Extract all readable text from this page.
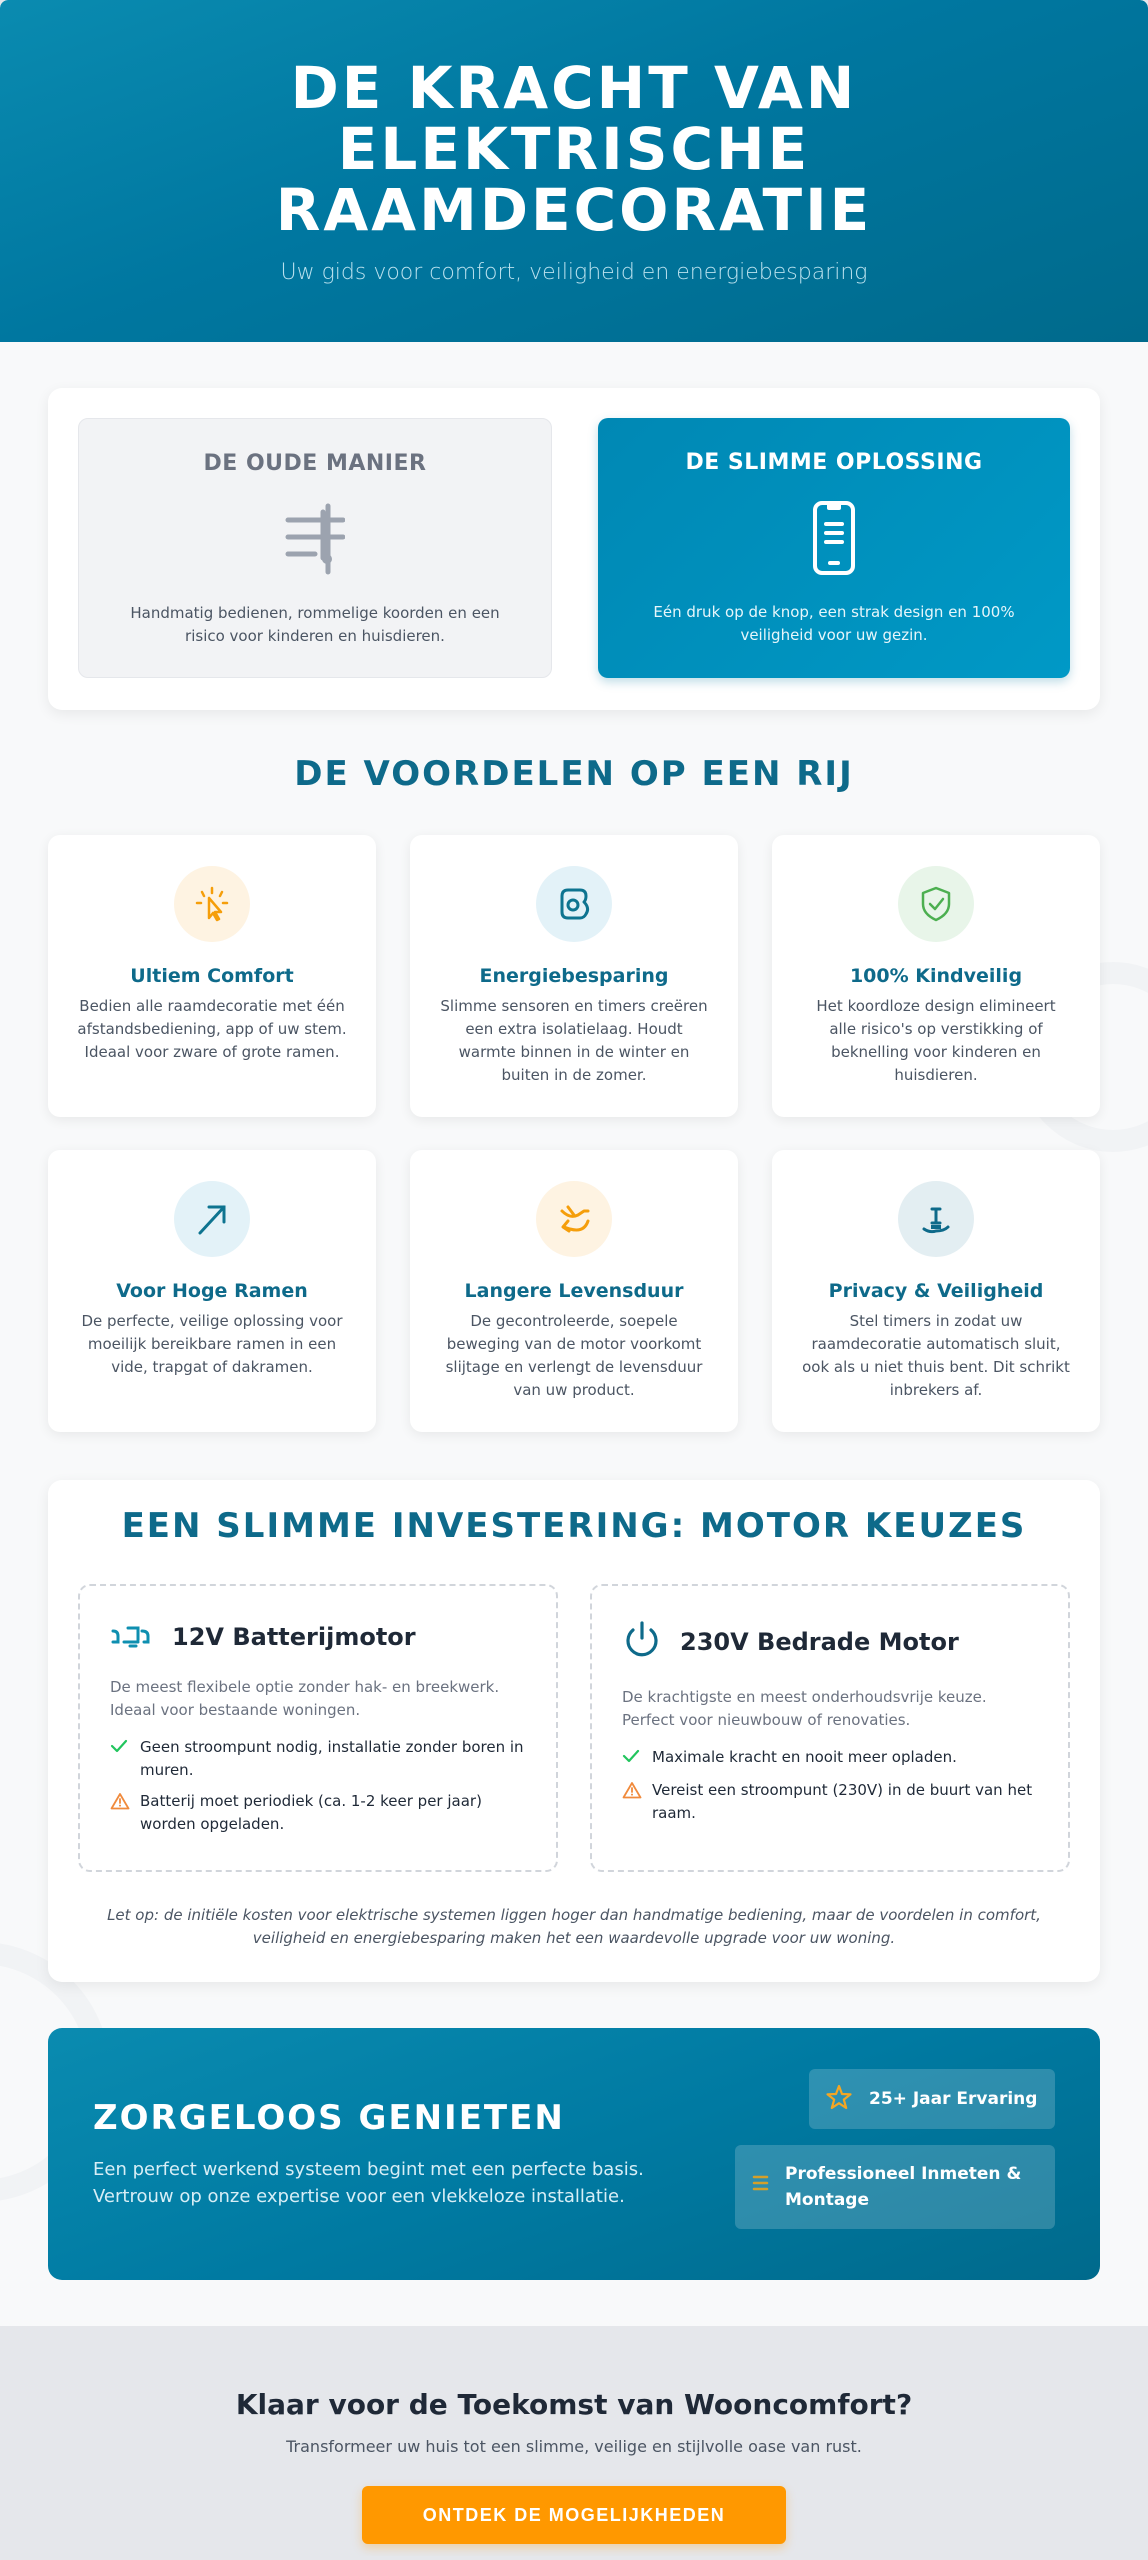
DE KRACHT VAN ELEKTRISCHE RAAMDECORATIE

Uw gids voor comfort, veiligheid en energiebesparing

DE OUDE MANIER

Handmatig bedienen, rommelige koorden en een risico voor kinderen en huisdieren.

DE SLIMME OPLOSSING

Eén druk op de knop, een strak design en 100% veiligheid voor uw gezin.

DE VOORDELEN OP EEN RIJ
Ultiem Comfort

Bedien alle raamdecoratie met één afstandsbediening, app of uw stem. Ideaal voor zware of grote ramen.

Energiebesparing

Slimme sensoren en timers creëren een extra isolatielaag. Houdt warmte binnen in de winter en buiten in de zomer.

100% Kindveilig

Het koordloze design elimineert alle risico's op verstikking of beknelling voor kinderen en huisdieren.

Voor Hoge Ramen

De perfecte, veilige oplossing voor moeilijk bereikbare ramen in een vide, trapgat of dakramen.

Langere Levensduur

De gecontroleerde, soepele beweging van de motor voorkomt slijtage en verlengt de levensduur van uw product.

Privacy & Veiligheid

Stel timers in zodat uw raamdecoratie automatisch sluit, ook als u niet thuis bent. Dit schrikt inbrekers af.

EEN SLIMME INVESTERING: MOTOR KEUZES
12V Batterijmotor

De meest flexibele optie zonder hak- en breekwerk. Ideaal voor bestaande woningen.

Geen stroompunt nodig, installatie zonder boren in muren.
Batterij moet periodiek (ca. 1-2 keer per jaar) worden opgeladen.
230V Bedrade Motor

De krachtigste en meest onderhoudsvrije keuze. Perfect voor nieuwbouw of renovaties.

Maximale kracht en nooit meer opladen.
Vereist een stroompunt (230V) in de buurt van het raam.

Let op: de initiële kosten voor elektrische systemen liggen hoger dan handmatige bediening, maar de voordelen in comfort, veiligheid en energiebesparing maken het een waardevolle upgrade voor uw woning.

ZORGELOOS GENIETEN

Een perfect werkend systeem begint met een perfecte basis. Vertrouw op onze expertise voor een vlekkeloze installatie.

25+ Jaar Ervaring
Professioneel Inmeten & Montage
Klaar voor de Toekomst van Wooncomfort?

Transformeer uw huis tot een slimme, veilige en stijlvolle oase van rust.

ONTDEK DE MOGELIJKHEDEN
